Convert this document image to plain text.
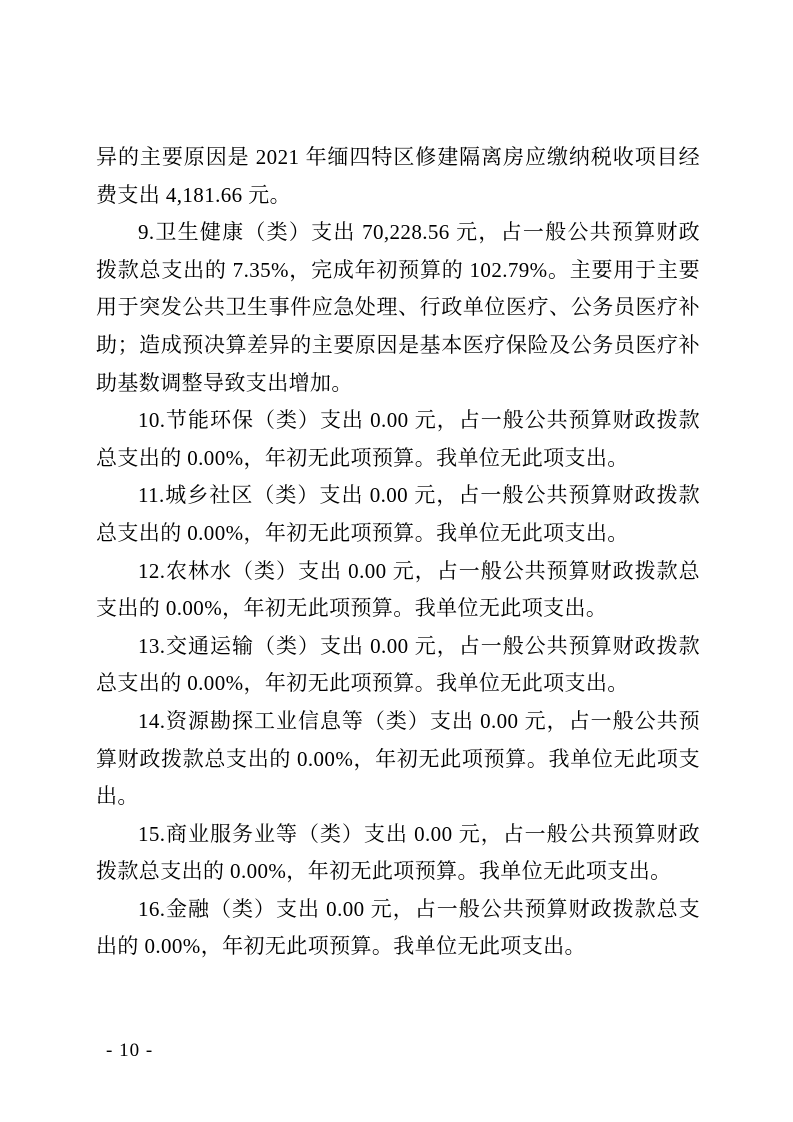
异的主要原因是 2021 年缅四特区修建隔离房应缴纳税收项目经费支出 4,181.66 元。

9.卫生健康（类）支出 70,228.56 元，占一般公共预算财政拨款总支出的 7.35%，完成年初预算的 102.79%。主要用于主要用于突发公共卫生事件应急处理、行政单位医疗、公务员医疗补助；造成预决算差异的主要原因是基本医疗保险及公务员医疗补助基数调整导致支出增加。

10.节能环保（类）支出 0.00 元，占一般公共预算财政拨款总支出的 0.00%，年初无此项预算。我单位无此项支出。

11.城乡社区（类）支出 0.00 元，占一般公共预算财政拨款总支出的 0.00%，年初无此项预算。我单位无此项支出。

12.农林水（类）支出 0.00 元，占一般公共预算财政拨款总支出的 0.00%，年初无此项预算。我单位无此项支出。

13.交通运输（类）支出 0.00 元，占一般公共预算财政拨款总支出的 0.00%，年初无此项预算。我单位无此项支出。

14.资源勘探工业信息等（类）支出 0.00 元，占一般公共预算财政拨款总支出的 0.00%，年初无此项预算。我单位无此项支出。

15.商业服务业等（类）支出 0.00 元，占一般公共预算财政拨款总支出的 0.00%，年初无此项预算。我单位无此项支出。

16.金融（类）支出 0.00 元，占一般公共预算财政拨款总支出的 0.00%，年初无此项预算。我单位无此项支出。

- 10 -
